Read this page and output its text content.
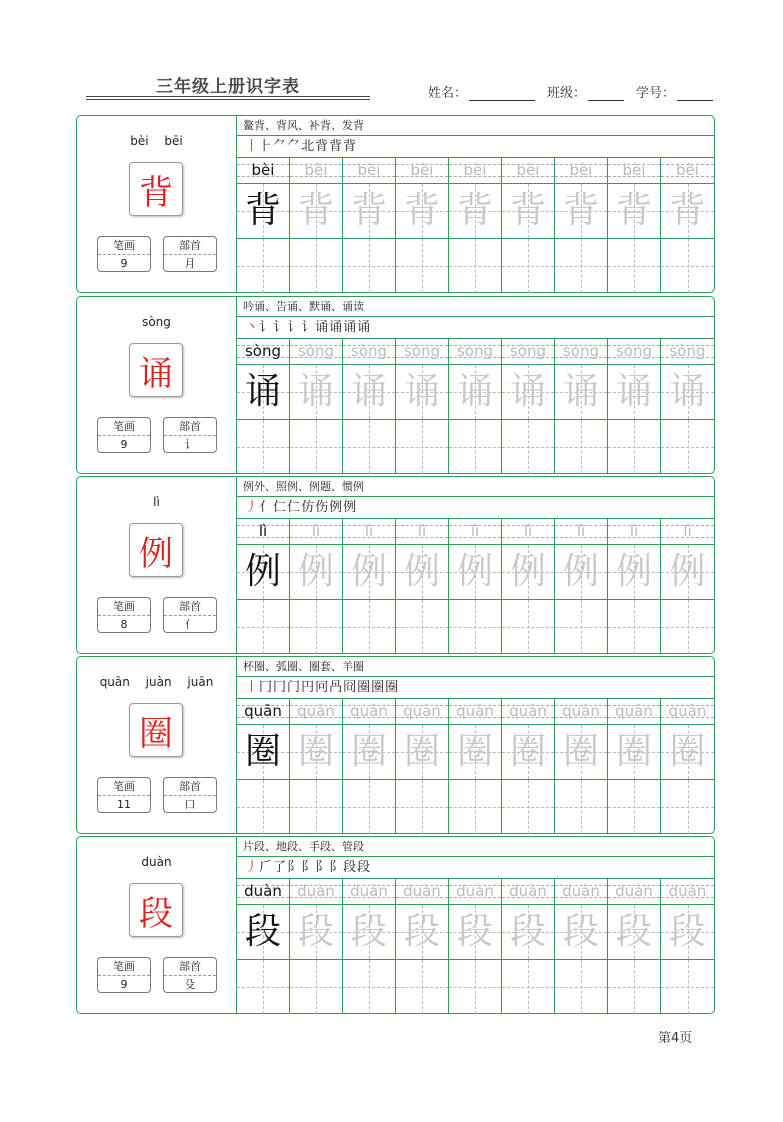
三年级上册识字表	姓名：	班级：	学号：
bèi bēi
背
笔画
9
部首
月
鳌背、背风、补背、发背
丨⺊⺈⺈北背背背
bèi	bèi	bèi	bèi	bèi	bèi	bèi	bèi	bèi
背 背 背 背 背 背 背 背 背
sòng
诵
笔画
9
部首
讠
吟诵、告诵、默诵、诵读
丶讠讠讠讠诵诵诵诵
sòng	sòng	sòng	sòng	sòng	sòng	sòng	sòng	sòng
诵 诵 诵 诵 诵 诵 诵 诵 诵
lì
例
笔画
8
部首
亻
例外、照例、例题、惯例
丿亻仁仁仿伤例例
lì	lì	lì	lì	lì	lì	lì	lì	lì
例 例 例 例 例 例 例 例 例
quān juàn juān
圈
笔画
11
部首
口
杯圈、弧圈、圈套、羊圈
丨冂冂门円冋冎冏圈圈圈
quān	quān	quān	quān	quān	quān	quān	quān	quān
圈 圈 圈 圈 圈 圈 圈 圈 圈
duàn
段
笔画
9
部首
殳
片段、地段、手段、管段
丿𠂆了阝阝阝阝段段
duàn	duàn	duàn	duàn	duàn	duàn	duàn	duàn	duàn
段 段 段 段 段 段 段 段 段
第4页
